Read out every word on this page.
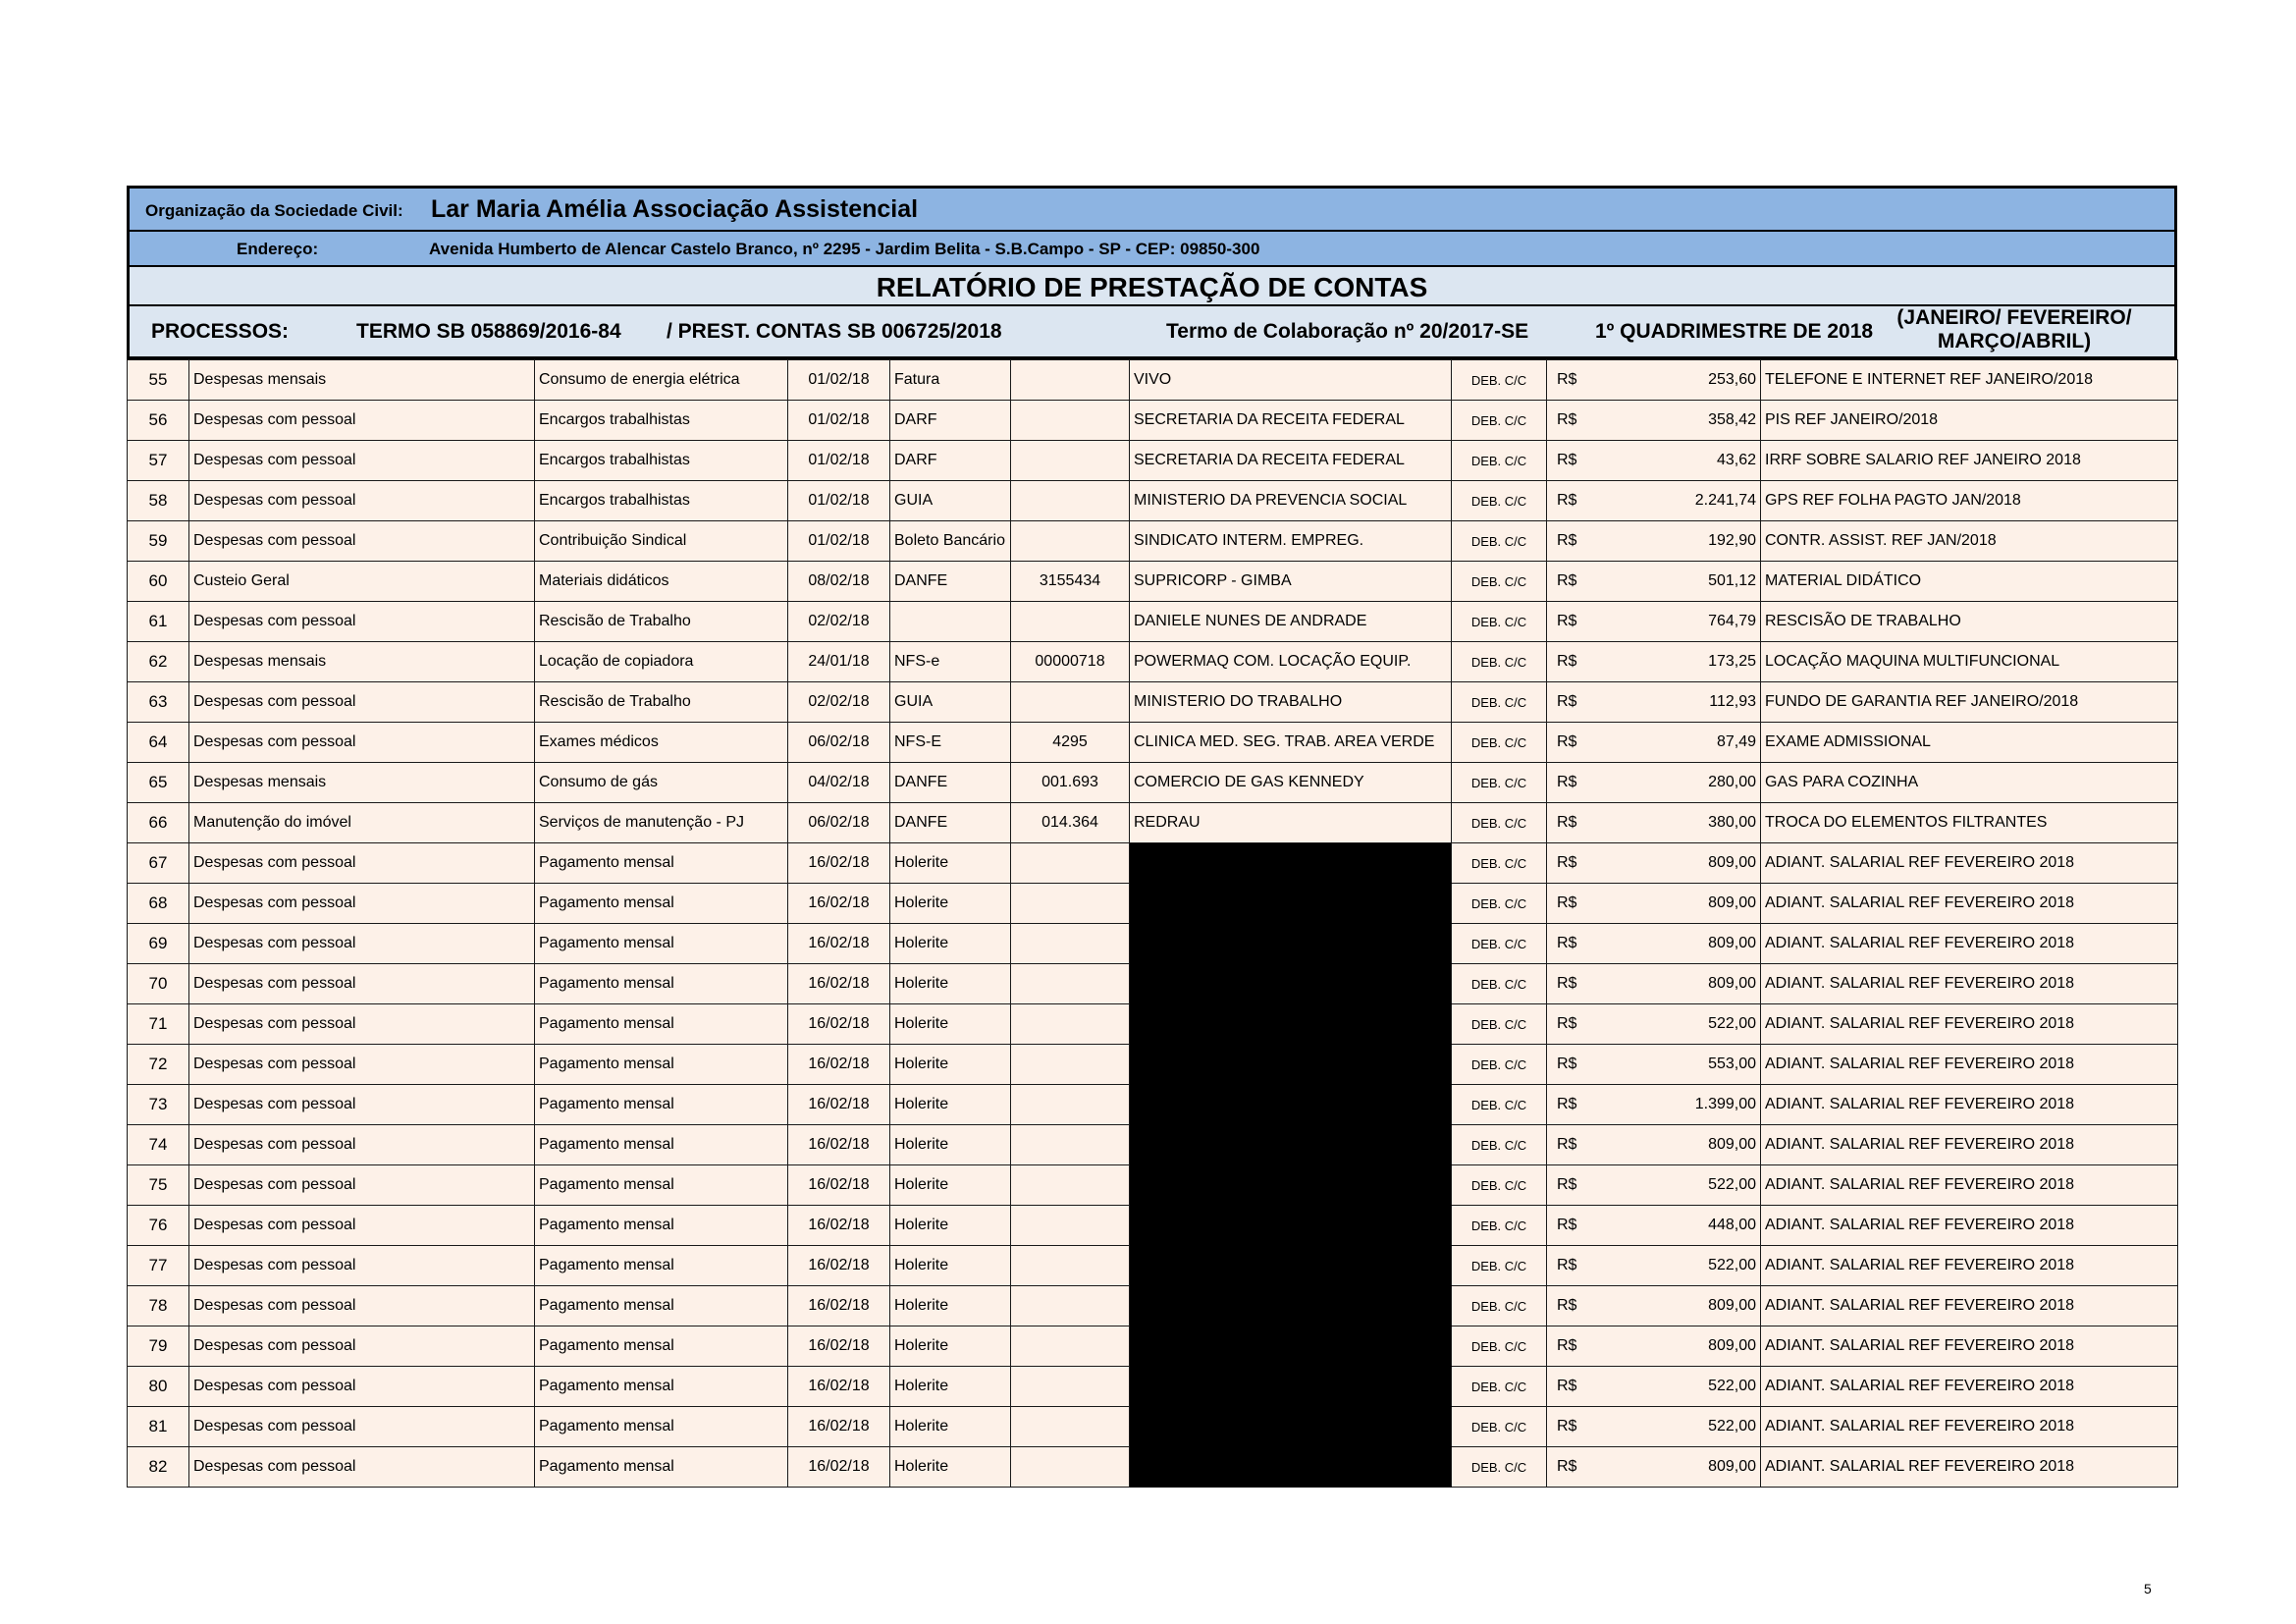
Organização da Sociedade Civil: Lar Maria Amélia Associação Assistencial
Endereço:	Avenida Humberto de Alencar Castelo Branco, nº 2295 - Jardim Belita - S.B.Campo - SP - CEP: 09850-300
RELATÓRIO DE PRESTAÇÃO DE CONTAS
PROCESSOS:	TERMO SB 058869/2016-84 / PREST. CONTAS SB 006725/2018	Termo de Colaboração nº 20/2017-SE	1º QUADRIMESTRE DE 2018
(JANEIRO/ FEVEREIRO/
MARÇO/ABRIL)
55	Despesas mensais	Consumo de energia elétrica	01/02/18	Fatura		VIVO	DEB. C/C	R$	253,60	TELEFONE E INTERNET REF JANEIRO/2018
56	Despesas com pessoal	Encargos trabalhistas	01/02/18	DARF		SECRETARIA DA RECEITA FEDERAL	DEB. C/C	R$	358,42	PIS REF JANEIRO/2018
57	Despesas com pessoal	Encargos trabalhistas	01/02/18	DARF		SECRETARIA DA RECEITA FEDERAL	DEB. C/C	R$	43,62	IRRF SOBRE SALARIO REF JANEIRO 2018
58	Despesas com pessoal	Encargos trabalhistas	01/02/18	GUIA		MINISTERIO DA PREVENCIA SOCIAL	DEB. C/C	R$	2.241,74	GPS REF FOLHA PAGTO JAN/2018
59	Despesas com pessoal	Contribuição Sindical	01/02/18	Boleto Bancário		SINDICATO INTERM. EMPREG.	DEB. C/C	R$	192,90	CONTR. ASSIST. REF JAN/2018
60	Custeio Geral	Materiais didáticos	08/02/18	DANFE	3155434	SUPRICORP - GIMBA	DEB. C/C	R$	501,12	MATERIAL DIDÁTICO
61	Despesas com pessoal	Rescisão de Trabalho	02/02/18			DANIELE NUNES DE ANDRADE	DEB. C/C	R$	764,79	RESCISÃO DE TRABALHO
62	Despesas mensais	Locação de copiadora	24/01/18	NFS-e	00000718	POWERMAQ COM. LOCAÇÃO EQUIP.	DEB. C/C	R$	173,25	LOCAÇÃO MAQUINA MULTIFUNCIONAL
63	Despesas com pessoal	Rescisão de Trabalho	02/02/18	GUIA		MINISTERIO DO TRABALHO	DEB. C/C	R$	112,93	FUNDO DE GARANTIA REF JANEIRO/2018
64	Despesas com pessoal	Exames médicos	06/02/18	NFS-E	4295	CLINICA MED. SEG. TRAB. AREA VERDE	DEB. C/C	R$	87,49	EXAME ADMISSIONAL
65	Despesas mensais	Consumo de gás	04/02/18	DANFE	001.693	COMERCIO DE GAS KENNEDY	DEB. C/C	R$	280,00	GAS PARA COZINHA
66	Manutenção do imóvel	Serviços de manutenção - PJ	06/02/18	DANFE	014.364	REDRAU	DEB. C/C	R$	380,00	TROCA DO ELEMENTOS FILTRANTES
67	Despesas com pessoal	Pagamento mensal	16/02/18	Holerite			DEB. C/C	R$	809,00	ADIANT. SALARIAL REF FEVEREIRO 2018
68	Despesas com pessoal	Pagamento mensal	16/02/18	Holerite			DEB. C/C	R$	809,00	ADIANT. SALARIAL REF FEVEREIRO 2018
69	Despesas com pessoal	Pagamento mensal	16/02/18	Holerite			DEB. C/C	R$	809,00	ADIANT. SALARIAL REF FEVEREIRO 2018
70	Despesas com pessoal	Pagamento mensal	16/02/18	Holerite			DEB. C/C	R$	809,00	ADIANT. SALARIAL REF FEVEREIRO 2018
71	Despesas com pessoal	Pagamento mensal	16/02/18	Holerite			DEB. C/C	R$	522,00	ADIANT. SALARIAL REF FEVEREIRO 2018
72	Despesas com pessoal	Pagamento mensal	16/02/18	Holerite			DEB. C/C	R$	553,00	ADIANT. SALARIAL REF FEVEREIRO 2018
73	Despesas com pessoal	Pagamento mensal	16/02/18	Holerite			DEB. C/C	R$	1.399,00	ADIANT. SALARIAL REF FEVEREIRO 2018
74	Despesas com pessoal	Pagamento mensal	16/02/18	Holerite			DEB. C/C	R$	809,00	ADIANT. SALARIAL REF FEVEREIRO 2018
75	Despesas com pessoal	Pagamento mensal	16/02/18	Holerite			DEB. C/C	R$	522,00	ADIANT. SALARIAL REF FEVEREIRO 2018
76	Despesas com pessoal	Pagamento mensal	16/02/18	Holerite			DEB. C/C	R$	448,00	ADIANT. SALARIAL REF FEVEREIRO 2018
77	Despesas com pessoal	Pagamento mensal	16/02/18	Holerite			DEB. C/C	R$	522,00	ADIANT. SALARIAL REF FEVEREIRO 2018
78	Despesas com pessoal	Pagamento mensal	16/02/18	Holerite			DEB. C/C	R$	809,00	ADIANT. SALARIAL REF FEVEREIRO 2018
79	Despesas com pessoal	Pagamento mensal	16/02/18	Holerite			DEB. C/C	R$	809,00	ADIANT. SALARIAL REF FEVEREIRO 2018
80	Despesas com pessoal	Pagamento mensal	16/02/18	Holerite			DEB. C/C	R$	522,00	ADIANT. SALARIAL REF FEVEREIRO 2018
81	Despesas com pessoal	Pagamento mensal	16/02/18	Holerite			DEB. C/C	R$	522,00	ADIANT. SALARIAL REF FEVEREIRO 2018
82	Despesas com pessoal	Pagamento mensal	16/02/18	Holerite			DEB. C/C	R$	809,00	ADIANT. SALARIAL REF FEVEREIRO 2018
5
